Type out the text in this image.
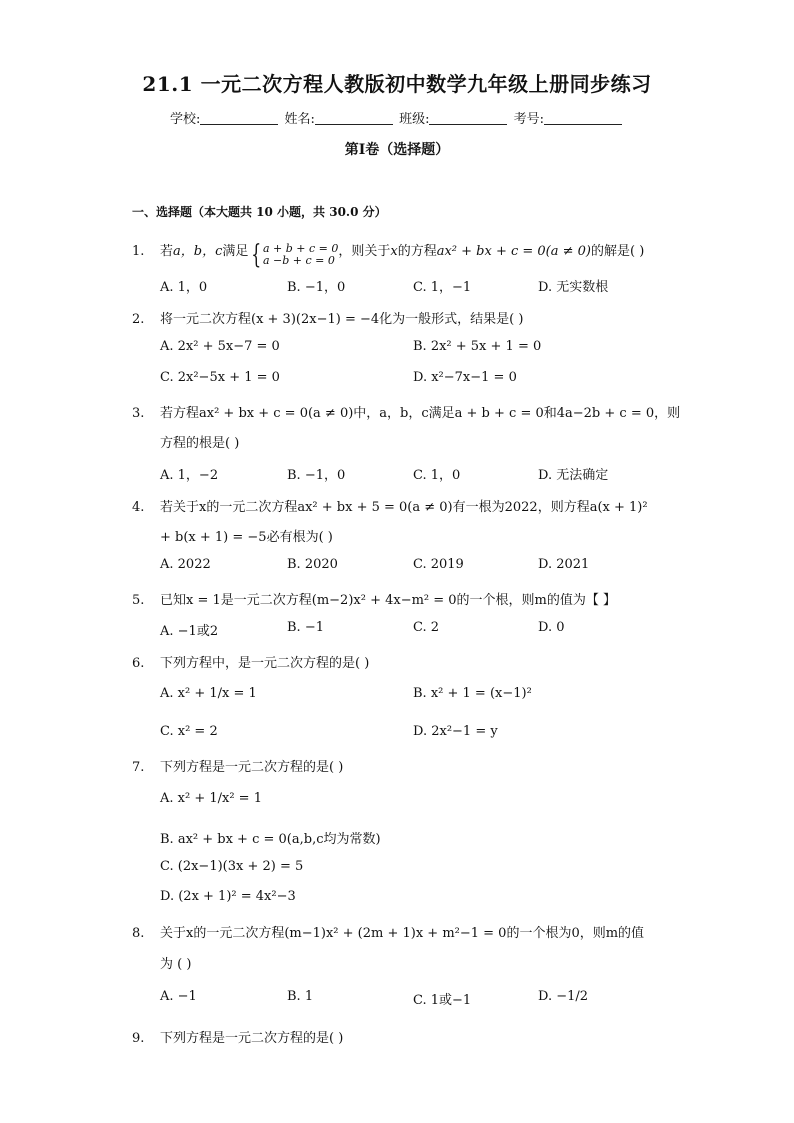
21.1 一元二次方程人教版初中数学九年级上册同步练习
学校:	姓名:	班级:	考号:
第I卷（选择题）
一、选择题（本大题共 10 小题，共 30.0 分）
1. 若a，b，c满足 { a + b + c = 0
a −b + c = 0
，则关于x的方程ax² + bx + c = 0(a ≠ 0)的解是( )
A. 1，0	B. −1，0	C. 1，−1	D. 无实数根
2. 将一元二次方程(x + 3)(2x−1) = −4化为一般形式，结果是( )
A. 2x² + 5x−7 = 0	B. 2x² + 5x + 1 = 0
C. 2x²−5x + 1 = 0	D. x²−7x−1 = 0
3. 若方程ax² + bx + c = 0(a ≠ 0)中，a，b，c满足a + b + c = 0和4a−2b + c = 0，则
方程的根是( )
A. 1，−2	B. −1，0	C. 1，0	D. 无法确定
4. 若关于x的一元二次方程ax² + bx + 5 = 0(a ≠ 0)有一根为2022，则方程a(x + 1)²
+ b(x + 1) = −5必有根为( )
A. 2022	B. 2020	C. 2019	D. 2021
5. 已知x = 1是一元二次方程(m−2)x² + 4x−m² = 0的一个根，则m的值为【 】
A. −1或2	B. −1	C. 2	D. 0
6. 下列方程中，是一元二次方程的是( )
A. x² + 1/x = 1	B. x² + 1 = (x−1)²
C. x² = 2	D. 2x²−1 = y
7. 下列方程是一元二次方程的是( )
A. x² + 1/x² = 1
B. ax² + bx + c = 0(a,b,c均为常数)
C. (2x−1)(3x + 2) = 5
D. (2x + 1)² = 4x²−3
8. 关于x的一元二次方程(m−1)x² + (2m + 1)x + m²−1 = 0的一个根为0，则m的值
为 ( )
A. −1	B. 1	C. 1或−1	D. −1/2
9. 下列方程是一元二次方程的是( )
